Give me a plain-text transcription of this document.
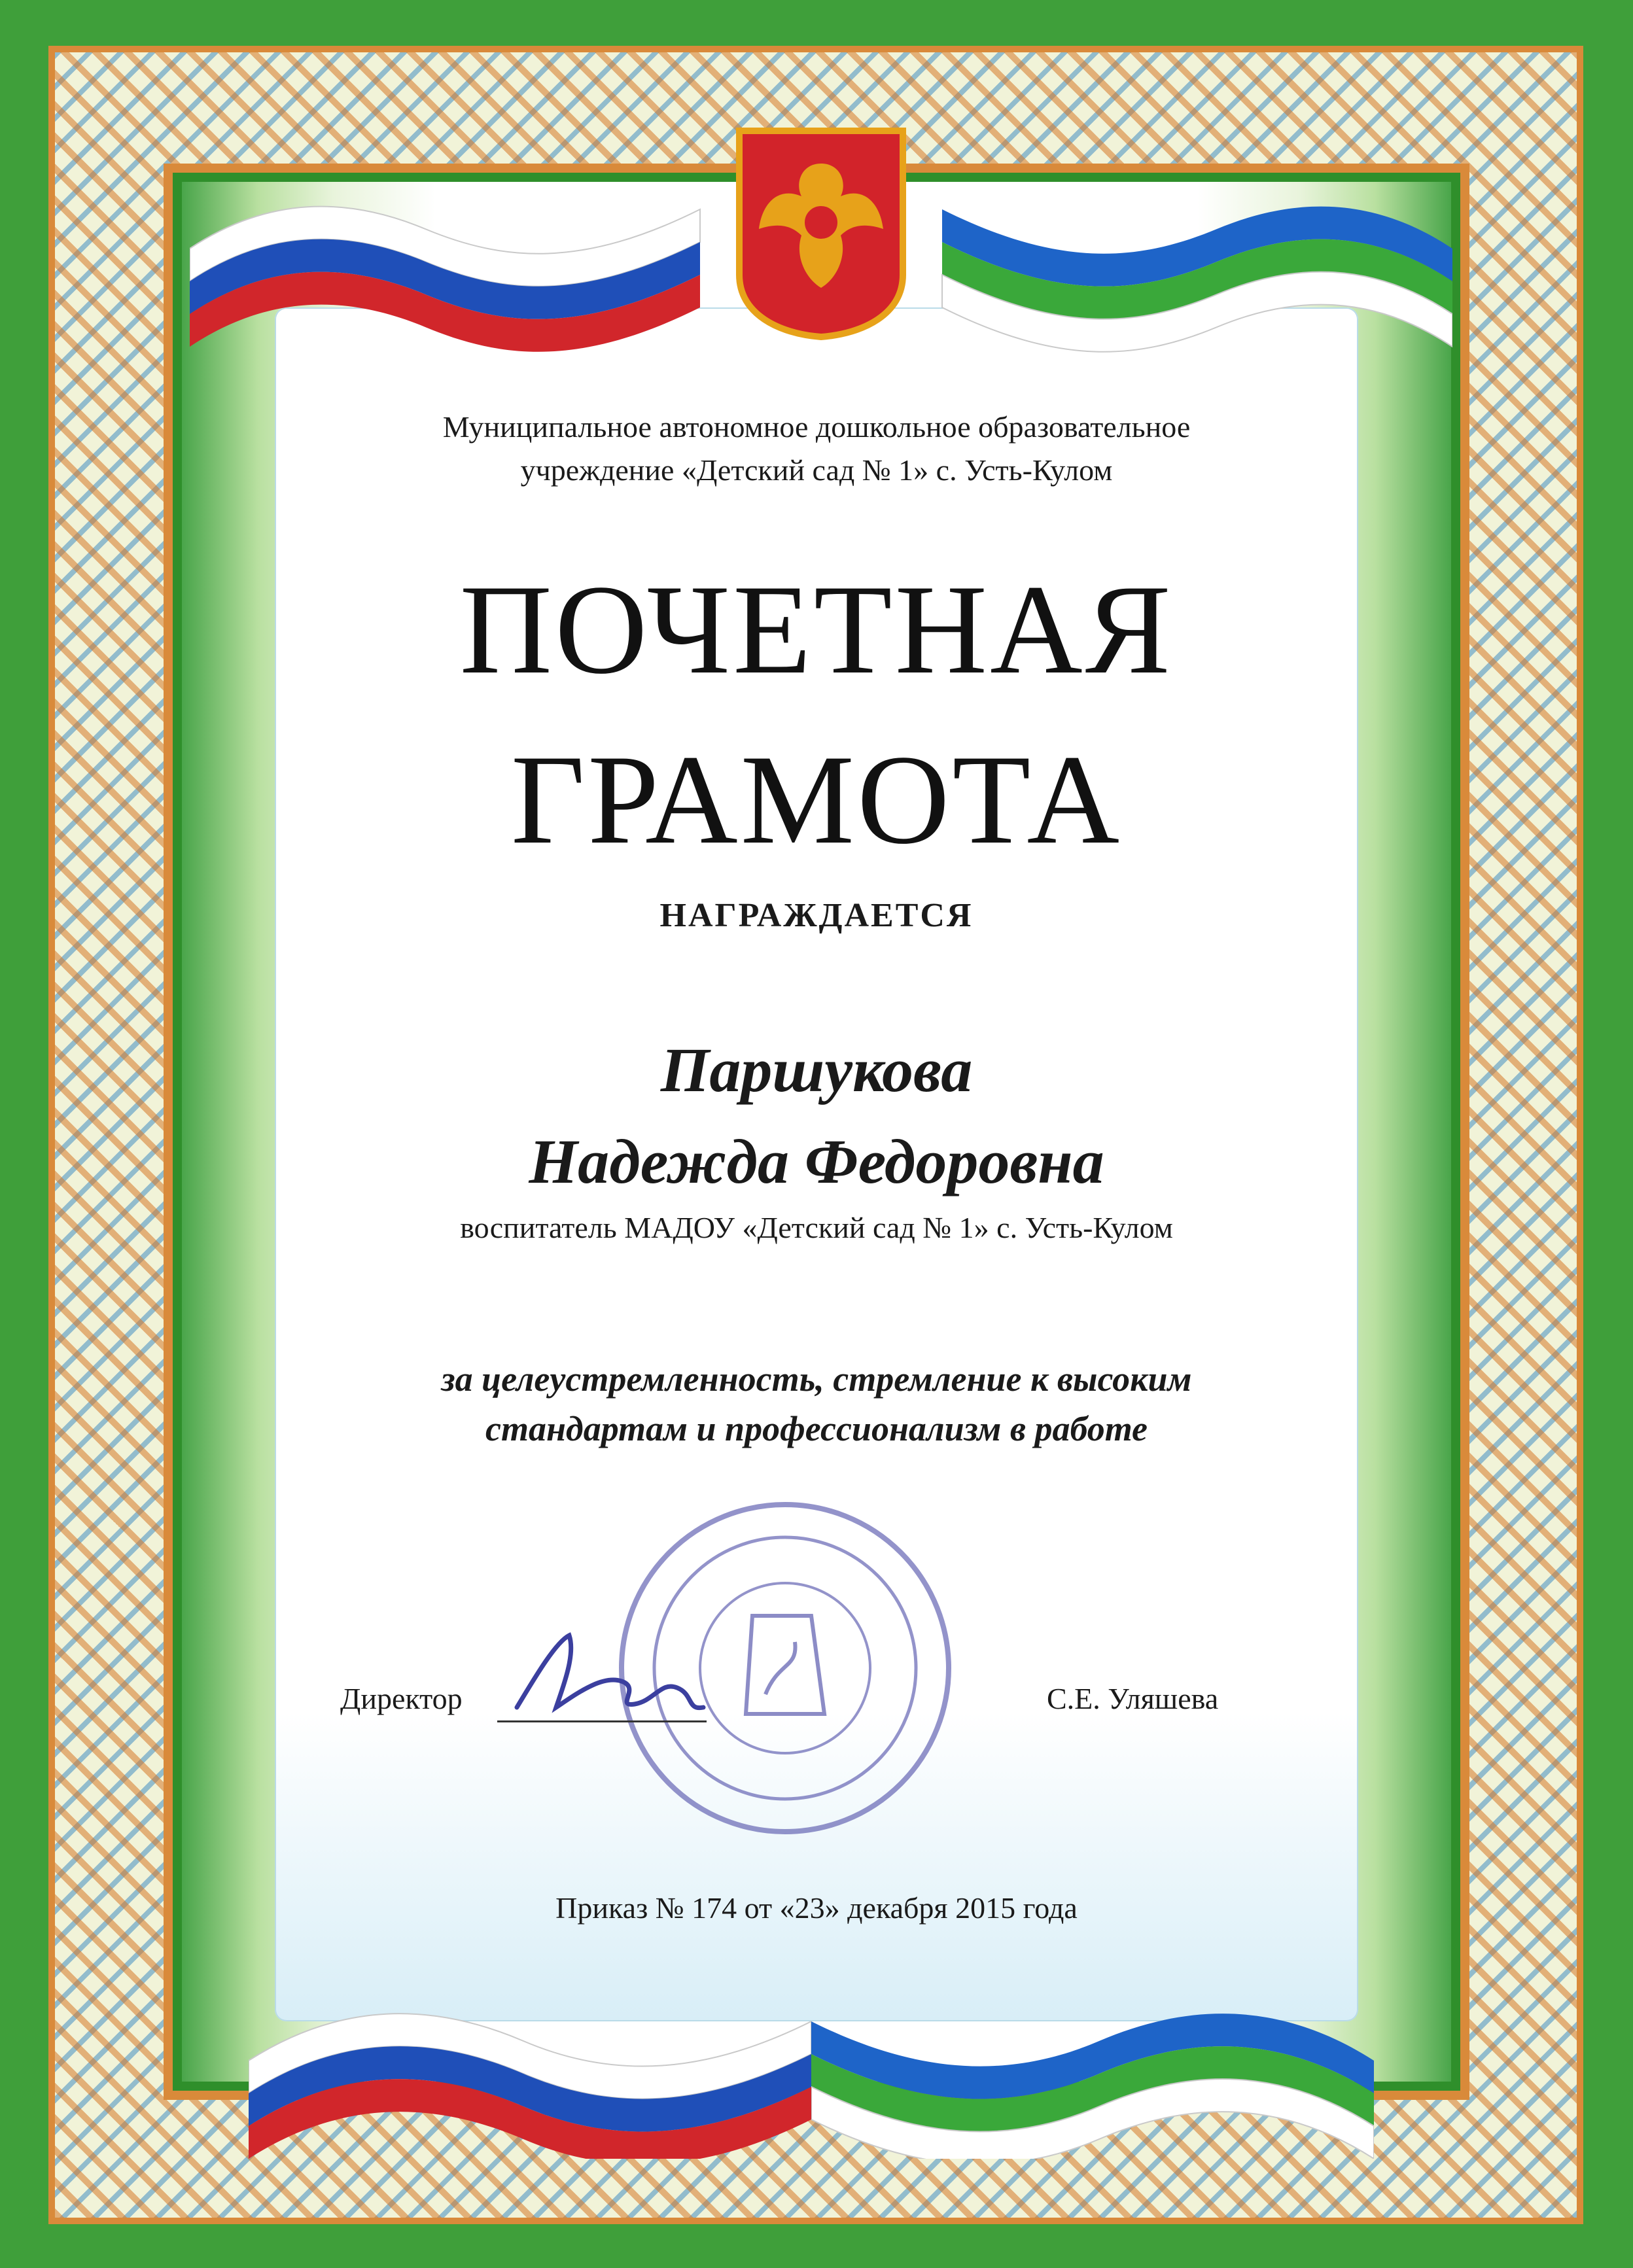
Муниципальное автономное дошкольное образовательное
учреждение «Детский сад № 1» с. Усть-Кулом
ПОЧЕТНАЯ
ГРАМОТА
НАГРАЖДАЕТСЯ
Паршукова
Надежда Федоровна
воспитатель МАДОУ «Детский сад № 1» с. Усть-Кулом
за целеустремленность, стремление к высоким
стандартам и профессионализм в работе
Директор	С.Е. Уляшева
Приказ № 174 от «23» декабря 2015 года
